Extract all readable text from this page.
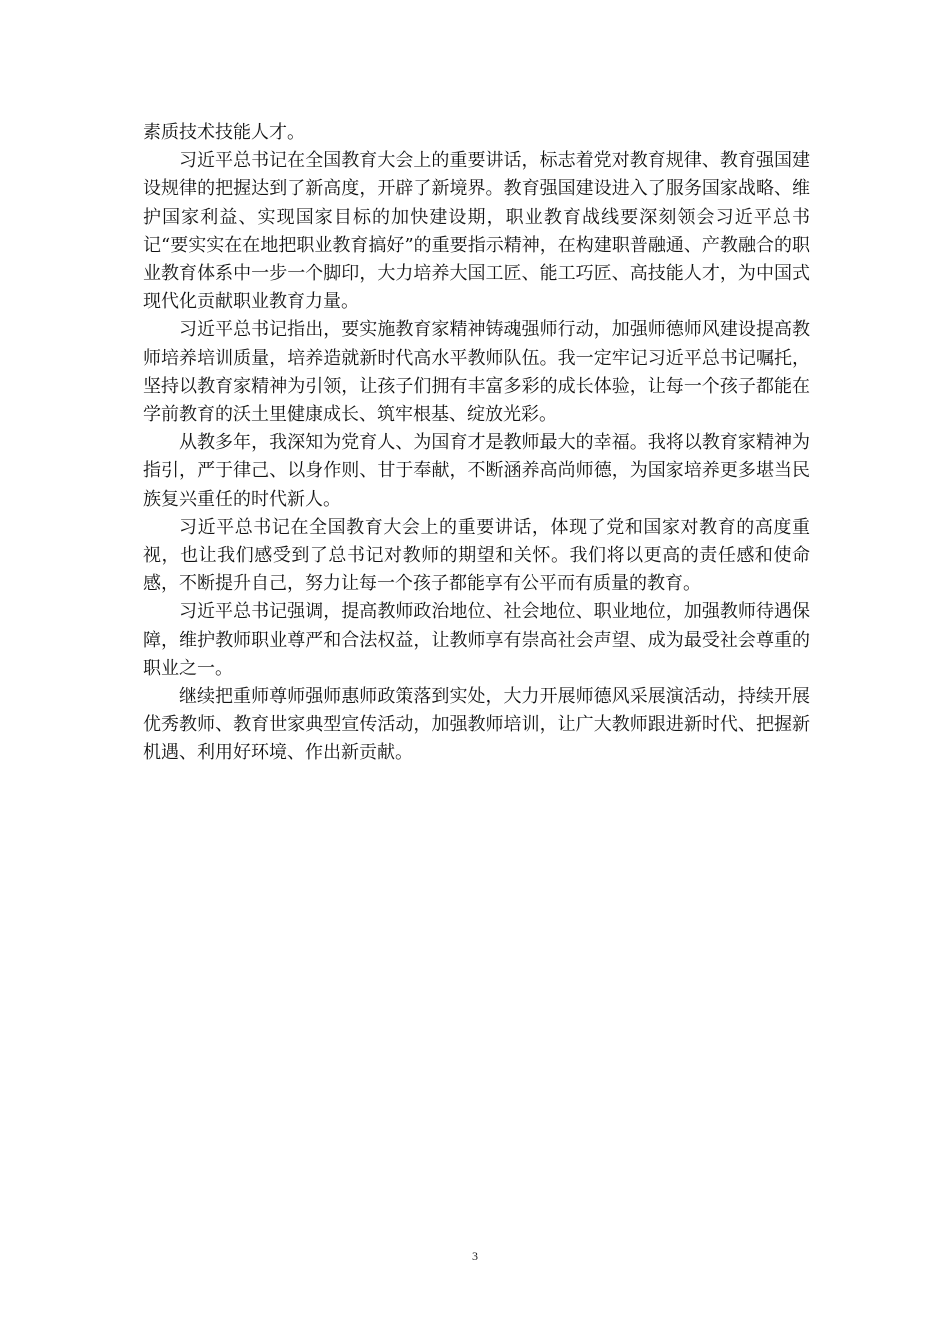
素质技术技能人才。

习近平总书记在全国教育大会上的重要讲话，标志着党对教育规律、教育强国建设规律的把握达到了新高度，开辟了新境界。教育强国建设进入了服务国家战略、维护国家利益、实现国家目标的加快建设期，职业教育战线要深刻领会习近平总书记“要实实在在地把职业教育搞好”的重要指示精神，在构建职普融通、产教融合的职业教育体系中一步一个脚印，大力培养大国工匠、能工巧匠、高技能人才，为中国式现代化贡献职业教育力量。

习近平总书记指出，要实施教育家精神铸魂强师行动，加强师德师风建设提高教师培养培训质量，培养造就新时代高水平教师队伍。我一定牢记习近平总书记嘱托，坚持以教育家精神为引领，让孩子们拥有丰富多彩的成长体验，让每一个孩子都能在学前教育的沃土里健康成长、筑牢根基、绽放光彩。

从教多年，我深知为党育人、为国育才是教师最大的幸福。我将以教育家精神为指引，严于律己、以身作则、甘于奉献，不断涵养高尚师德，为国家培养更多堪当民族复兴重任的时代新人。

习近平总书记在全国教育大会上的重要讲话，体现了党和国家对教育的高度重视，也让我们感受到了总书记对教师的期望和关怀。我们将以更高的责任感和使命感，不断提升自己，努力让每一个孩子都能享有公平而有质量的教育。

习近平总书记强调，提高教师政治地位、社会地位、职业地位，加强教师待遇保障，维护教师职业尊严和合法权益，让教师享有崇高社会声望、成为最受社会尊重的职业之一。

继续把重师尊师强师惠师政策落到实处，大力开展师德风采展演活动，持续开展优秀教师、教育世家典型宣传活动，加强教师培训，让广大教师跟进新时代、把握新机遇、利用好环境、作出新贡献。

3
